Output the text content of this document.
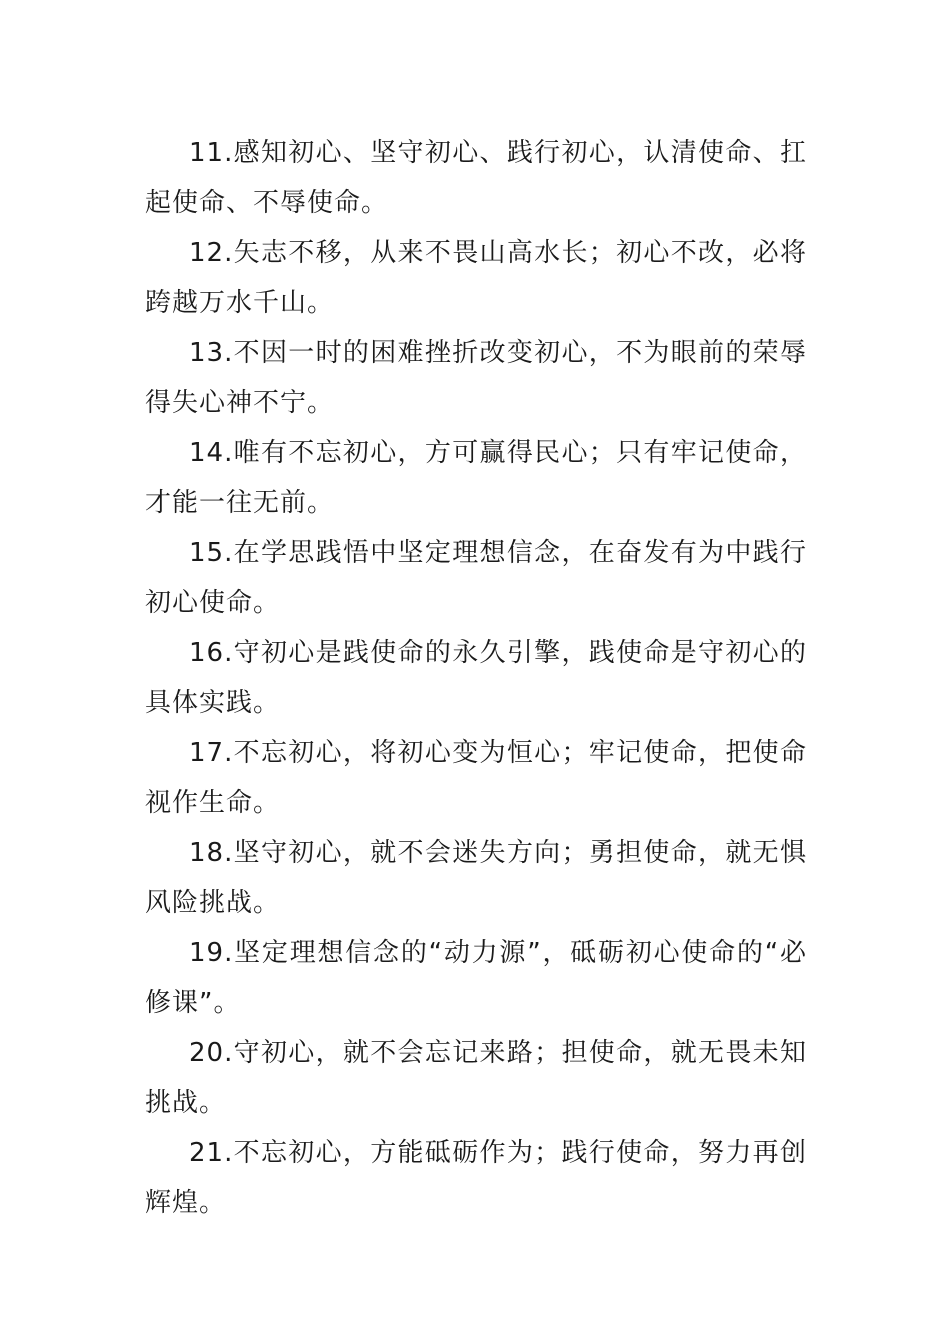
11.感知初心、坚守初心、践行初心，认清使命、扛起使命、不辱使命。

12.矢志不移，从来不畏山高水长；初心不改，必将跨越万水千山。

13.不因一时的困难挫折改变初心，不为眼前的荣辱得失心神不宁。

14.唯有不忘初心，方可赢得民心；只有牢记使命，才能一往无前。

15.在学思践悟中坚定理想信念，在奋发有为中践行初心使命。

16.守初心是践使命的永久引擎，践使命是守初心的具体实践。

17.不忘初心，将初心变为恒心；牢记使命，把使命视作生命。

18.坚守初心，就不会迷失方向；勇担使命，就无惧风险挑战。

19.坚定理想信念的“动力源”，砥砺初心使命的“必修课”。

20.守初心，就不会忘记来路；担使命，就无畏未知挑战。

21.不忘初心，方能砥砺作为；践行使命，努力再创辉煌。
